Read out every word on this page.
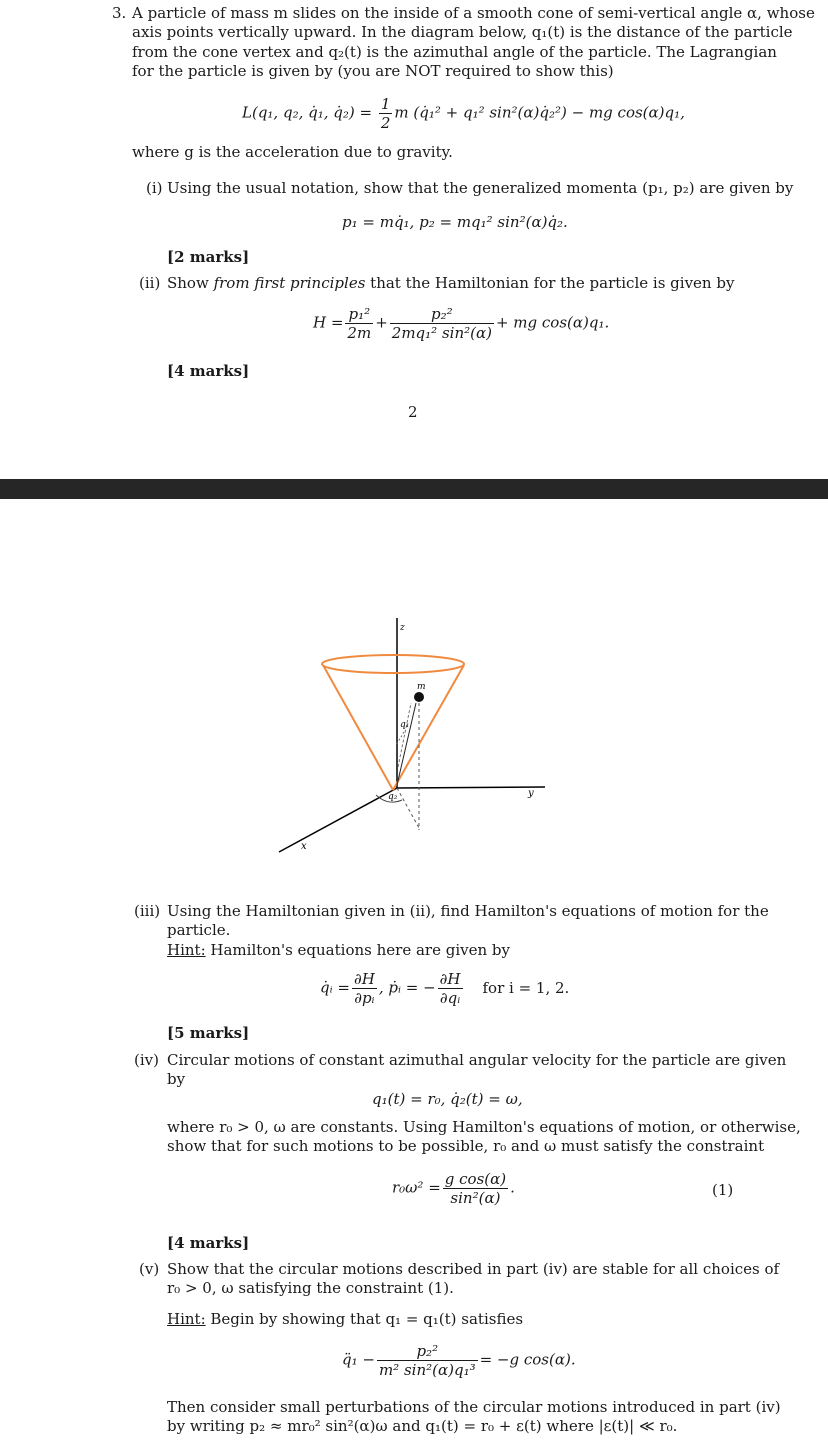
3. A particle of mass m slides on the inside of a smooth cone of semi-vertical angle α, whose
axis points vertically upward. In the diagram below, q₁(t) is the distance of the particle
from the cone vertex and q₂(t) is the azimuthal angle of the particle. The Lagrangian
for the particle is given by (you are NOT required to show this)
L(q₁, q₂, q̇₁, q̇₂) = $\frac{1}{2}$ m (q̇₁² + q₁² sin²(α)q̇₂²) − mg cos(α)q₁,
where g is the acceleration due to gravity.
(i) Using the usual notation, show that the generalized momenta (p₁, p₂) are given by
p₁ = mq̇₁, p₂ = mq₁² sin²(α)q̇₂.
[2 marks]
(ii) Show from first principles that the Hamiltonian for the particle is given by
$H = \frac{\text{p₁²}}{2m} + \frac{\text{p₂²}}{\text{2mq₁² sin²(α)}}$ + mg cos(α)q₁.
[4 marks]
2
z
m
q₁
q₂
x
y
(iii) Using the Hamiltonian given in (ii), find Hamilton's equations of motion for the
particle.
Hint: Hamilton's equations here are given by
q̇ᵢ = $\frac{\partial H}{\text{∂pᵢ}}$ , ṗᵢ = − $\frac{\partial H}{\text{∂qᵢ}}$ for i = 1, 2.
[5 marks]
(iv) Circular motions of constant azimuthal angular velocity for the particle are given
by
q₁(t) = r₀, q̇₂(t) = ω,
where r₀ > 0, ω are constants. Using Hamilton's equations of motion, or otherwise,
show that for such motions to be possible, r₀ and ω must satisfy the constraint
$r_0\omega^2 = \frac{\text{g cos(α)}}{\text{sin²(α)}}$ .	(1)
[4 marks]
(v) Show that the circular motions described in part (iv) are stable for all choices of
r₀ > 0, ω satisfying the constraint (1).
Hint: Begin by showing that q₁ = q₁(t) satisfies
q̈₁ − $\frac{\text{p₂²}}{\text{m² sin²(α)q₁³}} = -g$ cos(α).
Then consider small perturbations of the circular motions introduced in part (iv)
by writing p₂ ≈ mr₀² sin²(α)ω and q₁(t) = r₀ + ε(t) where |ε(t)| ≪ r₀.
